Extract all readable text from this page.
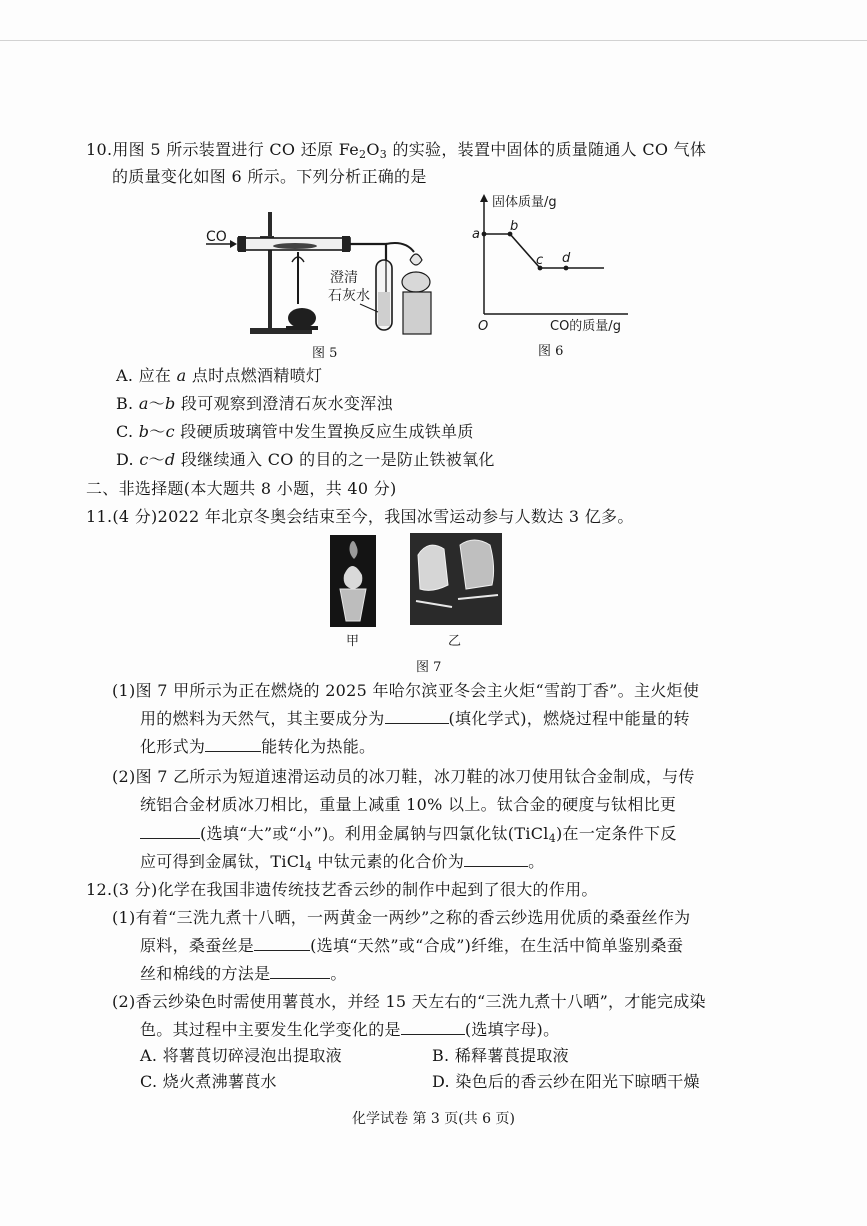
10.用图 5 所示装置进行 CO 还原 $Fe_2O_3$ 的实验，装置中固体的质量随通人 CO 气体
的质量变化如图 6 所示。下列分析正确的是
CO
澄清
石灰水
图 5
固体质量/g
CO的质量/g
O
a
b
c d
图 6
A. 应在 a 点时点燃酒精喷灯
B. a～b 段可观察到澄清石灰水变浑浊
C. b～c 段硬质玻璃管中发生置换反应生成铁单质
D. c～d 段继续通入 CO 的目的之一是防止铁被氧化
二、非选择题(本大题共 8 小题，共 40 分)
11.(4 分)2022 年北京冬奥会结束至今，我国冰雪运动参与人数达 3 亿多。
甲	乙
图 7
(1)图 7 甲所示为正在燃烧的 2025 年哈尔滨亚冬会主火炬“雪韵丁香”。主火炬使
用的燃料为天然气，其主要成分为	(填化学式)，燃烧过程中能量的转
化形式为	能转化为热能。
(2)图 7 乙所示为短道速滑运动员的冰刀鞋，冰刀鞋的冰刀使用钛合金制成，与传
统铝合金材质冰刀相比，重量上减重 10% 以上。钛合金的硬度与钛相比更
(选填“大”或“小”)。利用金属钠与四氯化钛(TiCl$_4$)在一定条件下反
应可得到金属钛，TiCl$_4$ 中钛元素的化合价为	。
12.(3 分)化学在我国非遗传统技艺香云纱的制作中起到了很大的作用。
(1)有着“三洗九煮十八晒，一两黄金一两纱”之称的香云纱选用优质的桑蚕丝作为
原料，桑蚕丝是	(选填“天然”或“合成”)纤维，在生活中简单鉴别桑蚕
丝和棉线的方法是	。
(2)香云纱染色时需使用薯莨水，并经 15 天左右的“三洗九煮十八晒”，才能完成染
色。其过程中主要发生化学变化的是	(选填字母)。
A. 将薯莨切碎浸泡出提取液	B. 稀释薯莨提取液
C. 烧火煮沸薯莨水	D. 染色后的香云纱在阳光下晾晒干燥
化学试卷 第 3 页(共 6 页)
